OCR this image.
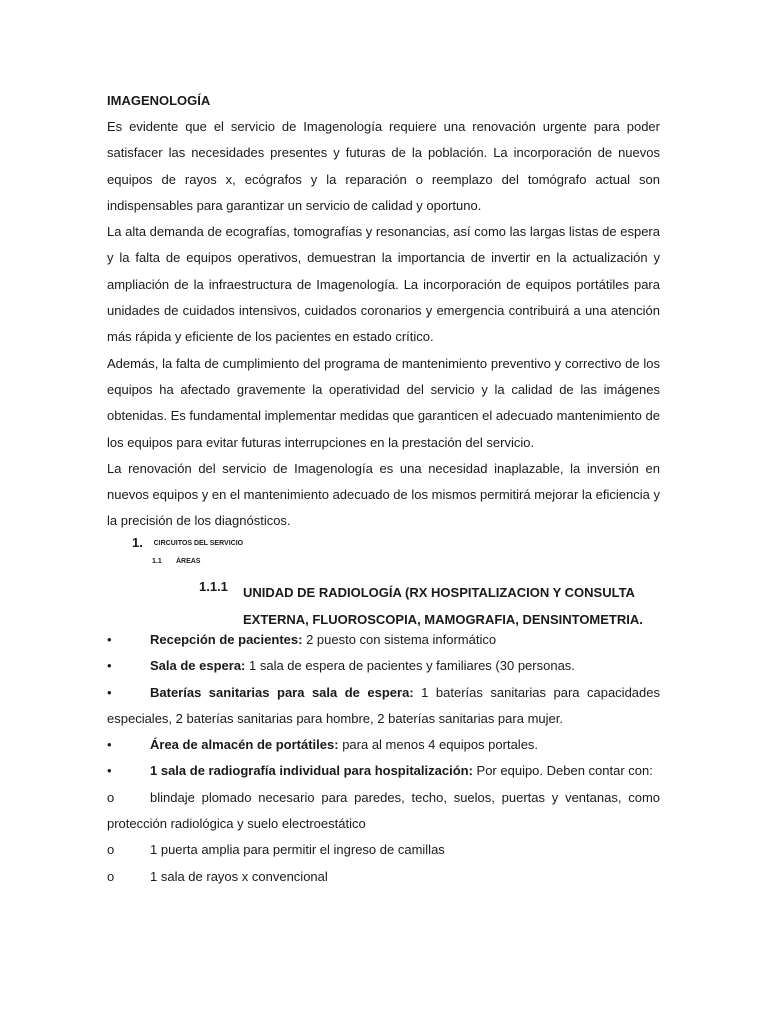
IMAGENOLOGÍA

Es evidente que el servicio de Imagenología requiere una renovación urgente para poder satisfacer las necesidades presentes y futuras de la población. La incorporación de nuevos equipos de rayos x, ecógrafos y la reparación o reemplazo del tomógrafo actual son indispensables para garantizar un servicio de calidad y oportuno.

La alta demanda de ecografías, tomografías y resonancias, así como las largas listas de espera y la falta de equipos operativos, demuestran la importancia de invertir en la actualización y ampliación de la infraestructura de Imagenología. La incorporación de equipos portátiles para unidades de cuidados intensivos, cuidados coronarios y emergencia contribuirá a una atención más rápida y eficiente de los pacientes en estado crítico.

Además, la falta de cumplimiento del programa de mantenimiento preventivo y correctivo de los equipos ha afectado gravemente la operatividad del servicio y la calidad de las imágenes obtenidas. Es fundamental implementar medidas que garanticen el adecuado mantenimiento de los equipos para evitar futuras interrupciones en la prestación del servicio.

La renovación del servicio de Imagenología es una necesidad inaplazable, la inversión en nuevos equipos y en el mantenimiento adecuado de los mismos permitirá mejorar la eficiencia y la precisión de los diagnósticos.

1. CIRCUITOS DEL SERVICIO
1.1 ÁREAS
1.1.1 UNIDAD DE RADIOLOGÍA (RX HOSPITALIZACION Y CONSULTA EXTERNA, FLUOROSCOPIA, MAMOGRAFIA, DENSINTOMETRIA.
•	Recepción de pacientes: 2 puesto con sistema informático
•	Sala de espera: 1 sala de espera de pacientes y familiares (30 personas.
•	Baterías sanitarias para sala de espera: 1 baterías sanitarias para capacidades especiales, 2 baterías sanitarias para hombre, 2 baterías sanitarias para mujer.
•	Área de almacén de portátiles: para al menos 4 equipos portales.
•	1 sala de radiografía individual para hospitalización: Por equipo. Deben contar con:
o	blindaje plomado necesario para paredes, techo, suelos, puertas y ventanas, como protección radiológica y suelo electroestático
o	1 puerta amplia para permitir el ingreso de camillas
o	1 sala de rayos x convencional
